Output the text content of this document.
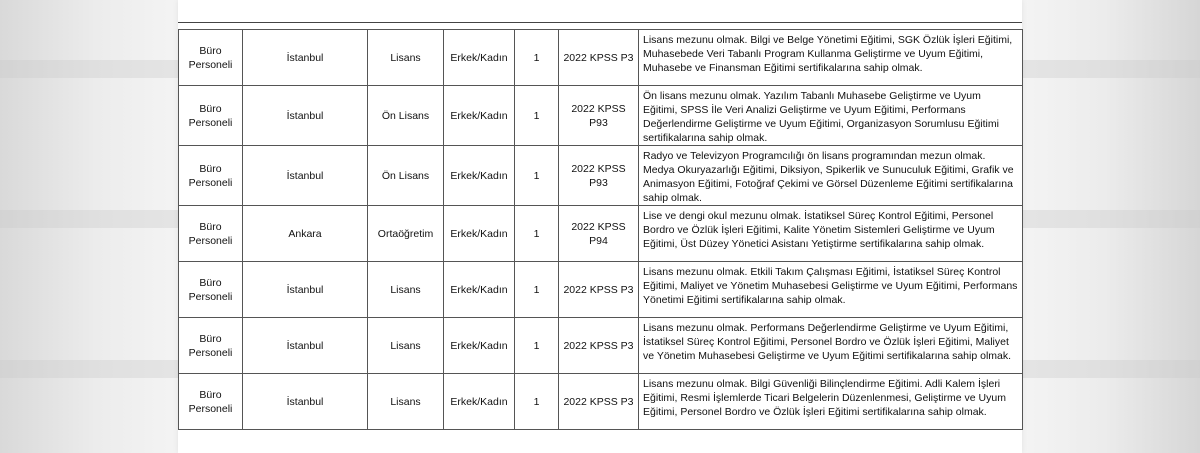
Büro Personeli	İstanbul	Lisans	Erkek/Kadın	1	2022 KPSS P3	Lisans mezunu olmak. Bilgi ve Belge Yönetimi Eğitimi, SGK Özlük İşleri Eğitimi, Muhasebede Veri Tabanlı Program Kullanma Geliştirme ve Uyum Eğitimi, Muhasebe ve Finansman Eğitimi sertifikalarına sahip olmak.
Büro Personeli	İstanbul	Ön Lisans	Erkek/Kadın	1	2022 KPSS P93	Ön lisans mezunu olmak. Yazılım Tabanlı Muhasebe Geliştirme ve Uyum Eğitimi, SPSS İle Veri Analizi Geliştirme ve Uyum Eğitimi, Performans Değerlendirme Geliştirme ve Uyum Eğitimi, Organizasyon Sorumlusu Eğitimi sertifikalarına sahip olmak.
Büro Personeli	İstanbul	Ön Lisans	Erkek/Kadın	1	2022 KPSS P93	Radyo ve Televizyon Programcılığı ön lisans programından mezun olmak. Medya Okuryazarlığı Eğitimi, Diksiyon, Spikerlik ve Sunuculuk Eğitimi, Grafik ve Animasyon Eğitimi, Fotoğraf Çekimi ve Görsel Düzenleme Eğitimi sertifikalarına sahip olmak.
Büro Personeli	Ankara	Ortaöğretim	Erkek/Kadın	1	2022 KPSS P94	Lise ve dengi okul mezunu olmak. İstatiksel Süreç Kontrol Eğitimi, Personel Bordro ve Özlük İşleri Eğitimi, Kalite Yönetim Sistemleri Geliştirme ve Uyum Eğitimi, Üst Düzey Yönetici Asistanı Yetiştirme sertifikalarına sahip olmak.
Büro Personeli	İstanbul	Lisans	Erkek/Kadın	1	2022 KPSS P3	Lisans mezunu olmak. Etkili Takım Çalışması Eğitimi, İstatiksel Süreç Kontrol Eğitimi, Maliyet ve Yönetim Muhasebesi Geliştirme ve Uyum Eğitimi, Performans Yönetimi Eğitimi sertifikalarına sahip olmak.
Büro Personeli	İstanbul	Lisans	Erkek/Kadın	1	2022 KPSS P3	Lisans mezunu olmak. Performans Değerlendirme Geliştirme ve Uyum Eğitimi, İstatiksel Süreç Kontrol Eğitimi, Personel Bordro ve Özlük İşleri Eğitimi, Maliyet ve Yönetim Muhasebesi Geliştirme ve Uyum Eğitimi sertifikalarına sahip olmak.
Büro Personeli	İstanbul	Lisans	Erkek/Kadın	1	2022 KPSS P3	Lisans mezunu olmak. Bilgi Güvenliği Bilinçlendirme Eğitimi. Adli Kalem İşleri Eğitimi, Resmi İşlemlerde Ticari Belgelerin Düzenlenmesi, Geliştirme ve Uyum Eğitimi, Personel Bordro ve Özlük İşleri Eğitimi sertifikalarına sahip olmak.
